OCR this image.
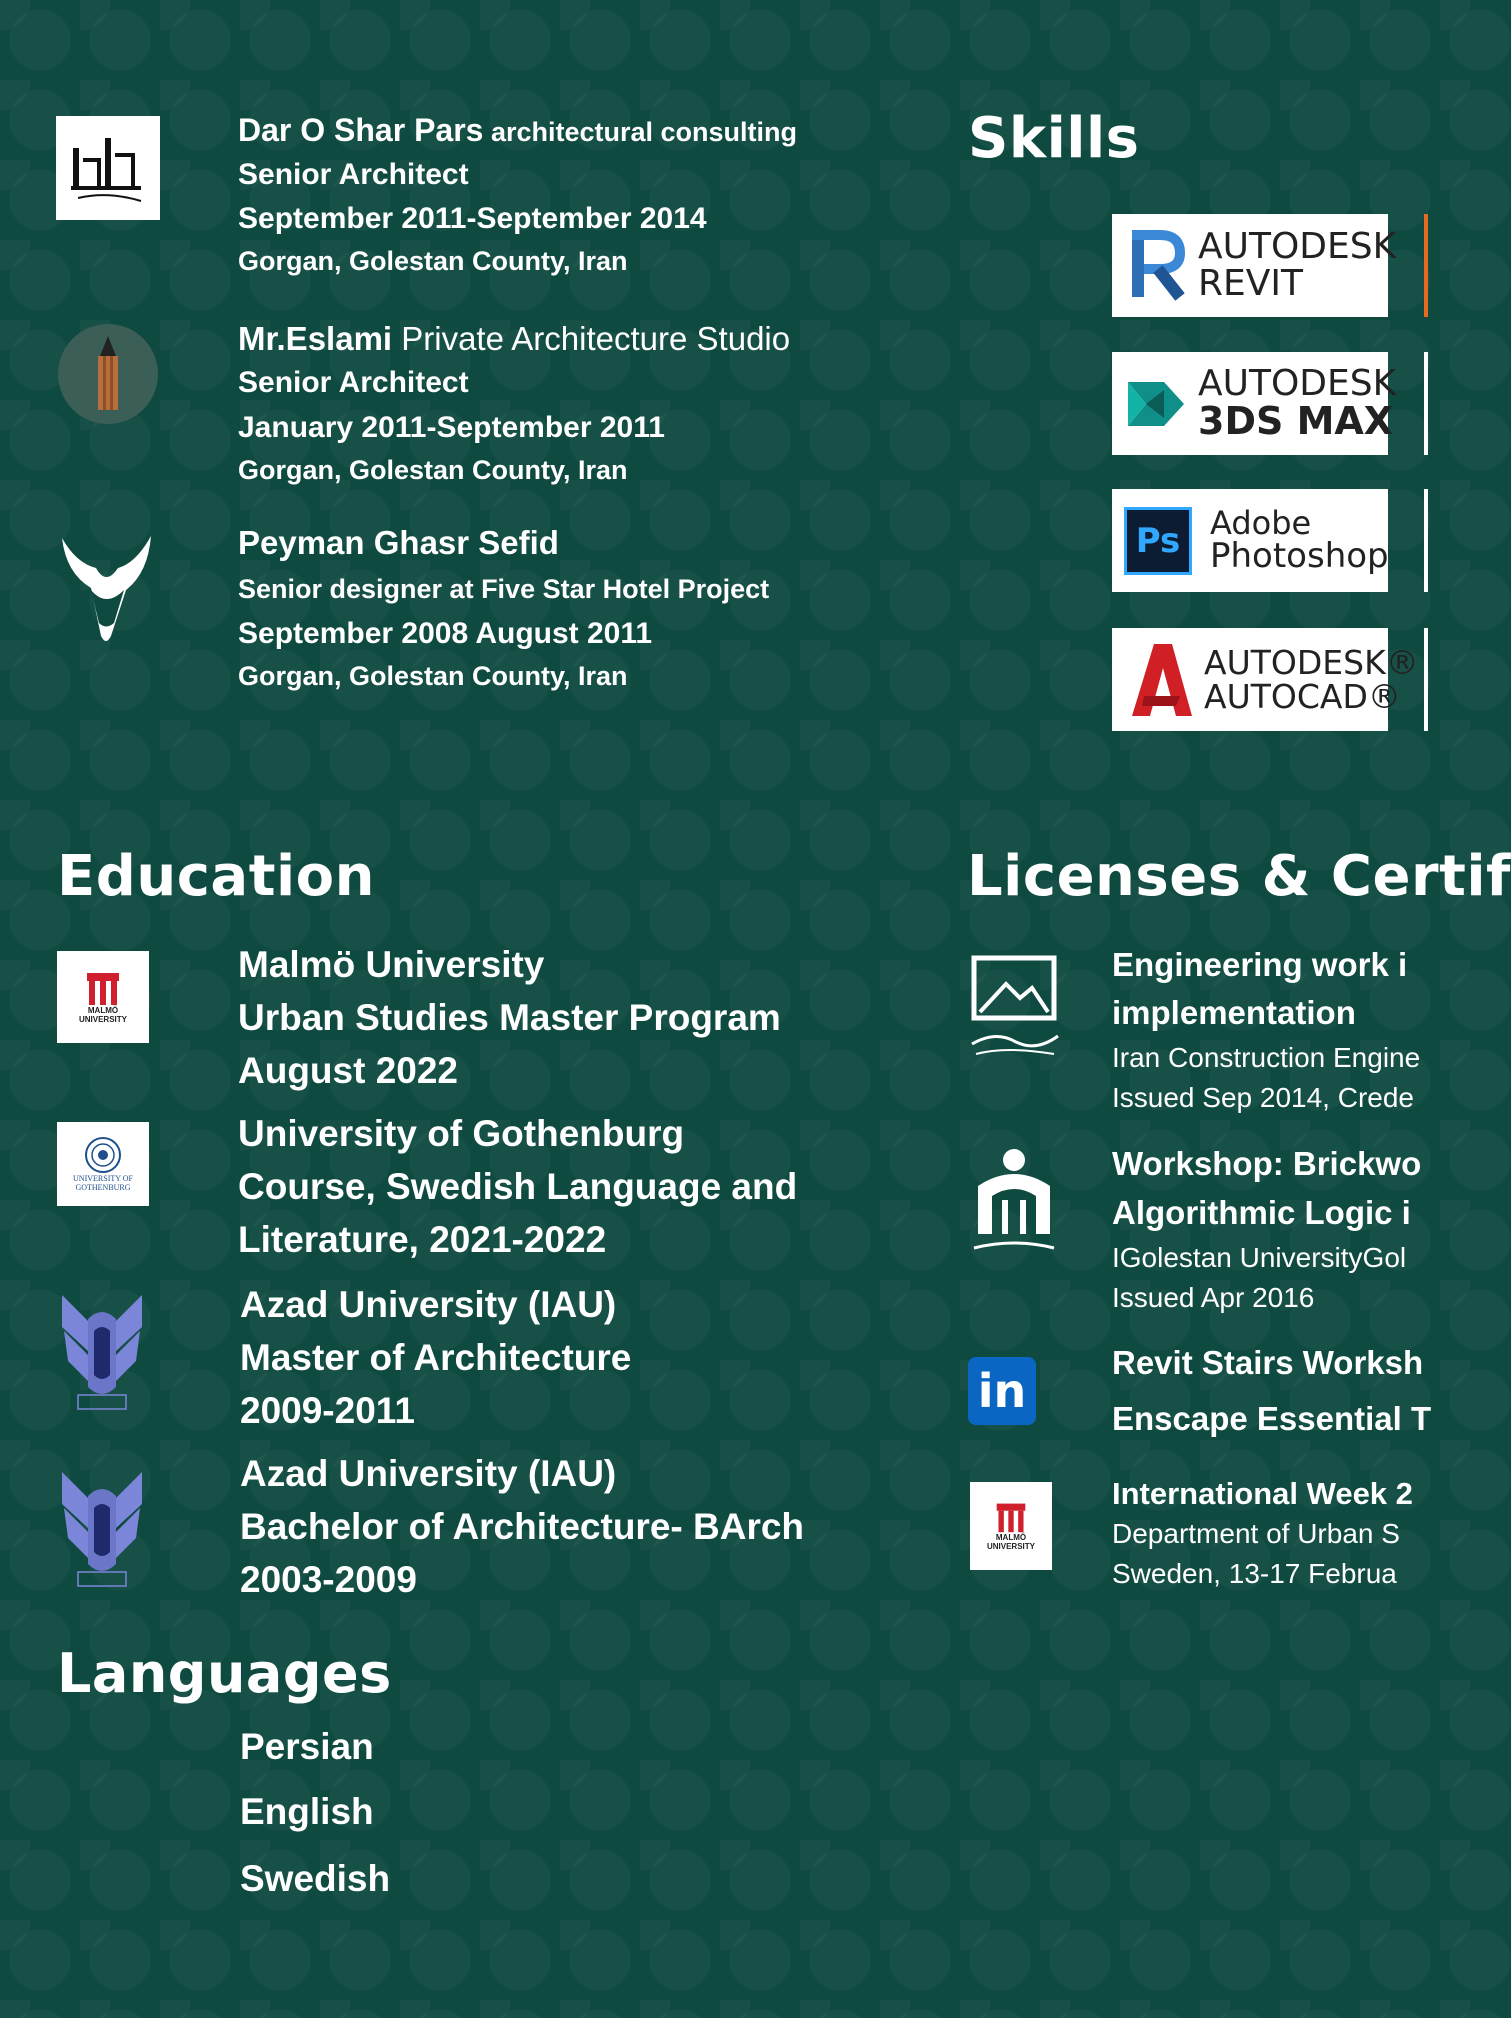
Dar O Shar Pars architectural consulting
Senior Architect
September 2011-September 2014
Gorgan, Golestan County, Iran
Mr.Eslami Private Architecture Studio
Senior Architect
January 2011-September 2011
Gorgan, Golestan County, Iran
Peyman Ghasr Sefid
Senior designer at Five Star Hotel Project
September 2008 August 2011
Gorgan, Golestan County, Iran
Skills
AUTODESK
REVIT
AUTODESK
3DS MAX
Ps Adobe
Photoshop
AUTODESK®
AUTOCAD®
Education
MALMÖ UNIVERSITY
Malmö University
Urban Studies Master Program
August 2022
UNIVERSITY OF GOTHENBURG
University of Gothenburg
Course, Swedish Language and
Literature, 2021-2022
Azad University (IAU)
Master of Architecture
2009-2011
Azad University (IAU)
Bachelor of Architecture- BArch
2003-2009
Languages
Persian
English
Swedish
Licenses & Certif
Engineering work i
implementation
Iran Construction Engine
Issued Sep 2014, Crede
Workshop: Brickwo
Algorithmic Logic i
IGolestan UniversityGol
Issued Apr 2016
in
Revit Stairs Worksh
Enscape Essential T
MALMÖ UNIVERSITY
International Week 2
Department of Urban S
Sweden, 13-17 Februa
